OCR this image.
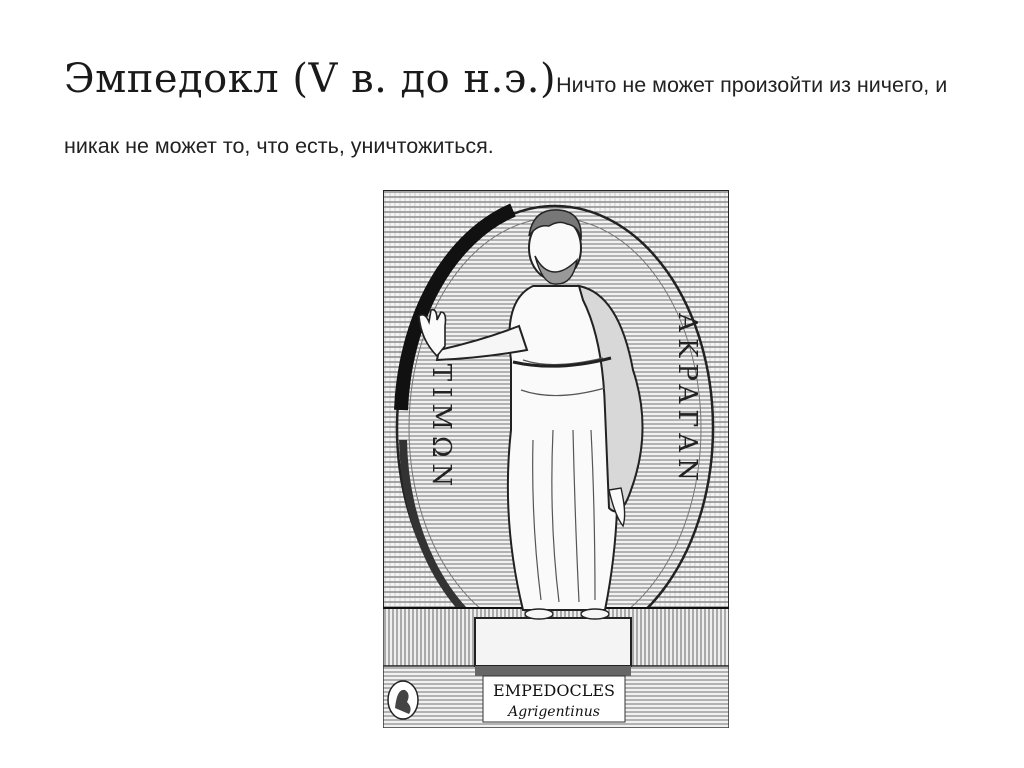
Эмпедокл (V в. до н.э.)Ничто не может произойти из ничего, и никак не может то, что есть, уничтожиться.
TIMΩN	AKPAΓAN
EMPEDOCLES
Agrigentinus
